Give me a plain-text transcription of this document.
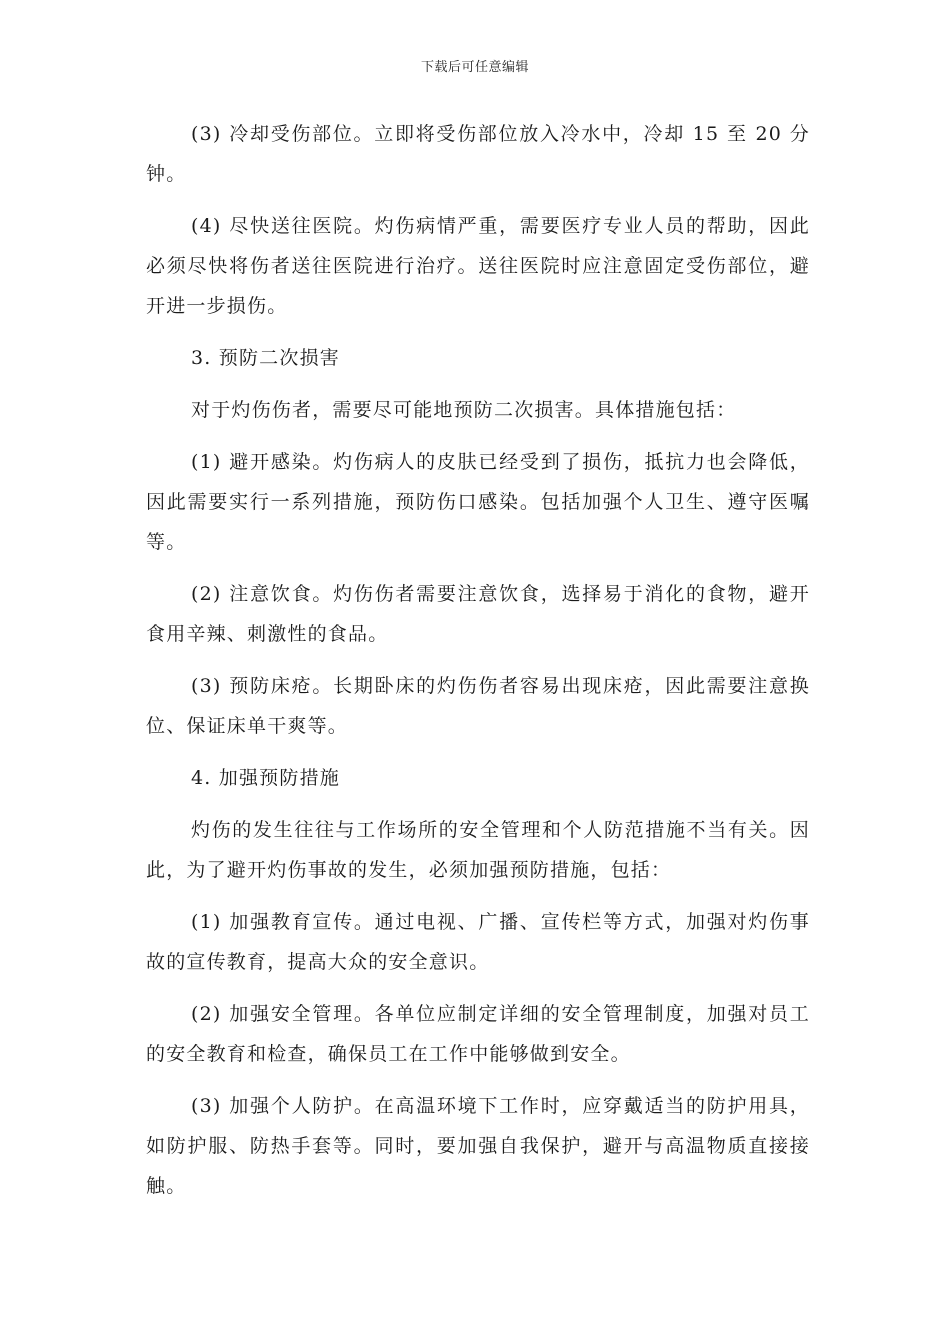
下载后可任意编辑

(3) 冷却受伤部位。立即将受伤部位放入冷水中，冷却 15 至 20 分钟。

(4) 尽快送往医院。灼伤病情严重，需要医疗专业人员的帮助，因此必须尽快将伤者送往医院进行治疗。送往医院时应注意固定受伤部位，避开进一步损伤。

3. 预防二次损害

对于灼伤伤者，需要尽可能地预防二次损害。具体措施包括：

(1) 避开感染。灼伤病人的皮肤已经受到了损伤，抵抗力也会降低，因此需要实行一系列措施，预防伤口感染。包括加强个人卫生、遵守医嘱等。

(2) 注意饮食。灼伤伤者需要注意饮食，选择易于消化的食物，避开食用辛辣、刺激性的食品。

(3) 预防床疮。长期卧床的灼伤伤者容易出现床疮，因此需要注意换位、保证床单干爽等。

4. 加强预防措施

灼伤的发生往往与工作场所的安全管理和个人防范措施不当有关。因此，为了避开灼伤事故的发生，必须加强预防措施，包括：

(1) 加强教育宣传。通过电视、广播、宣传栏等方式，加强对灼伤事故的宣传教育，提高大众的安全意识。

(2) 加强安全管理。各单位应制定详细的安全管理制度，加强对员工的安全教育和检查，确保员工在工作中能够做到安全。

(3) 加强个人防护。在高温环境下工作时，应穿戴适当的防护用具，如防护服、防热手套等。同时，要加强自我保护，避开与高温物质直接接触。
